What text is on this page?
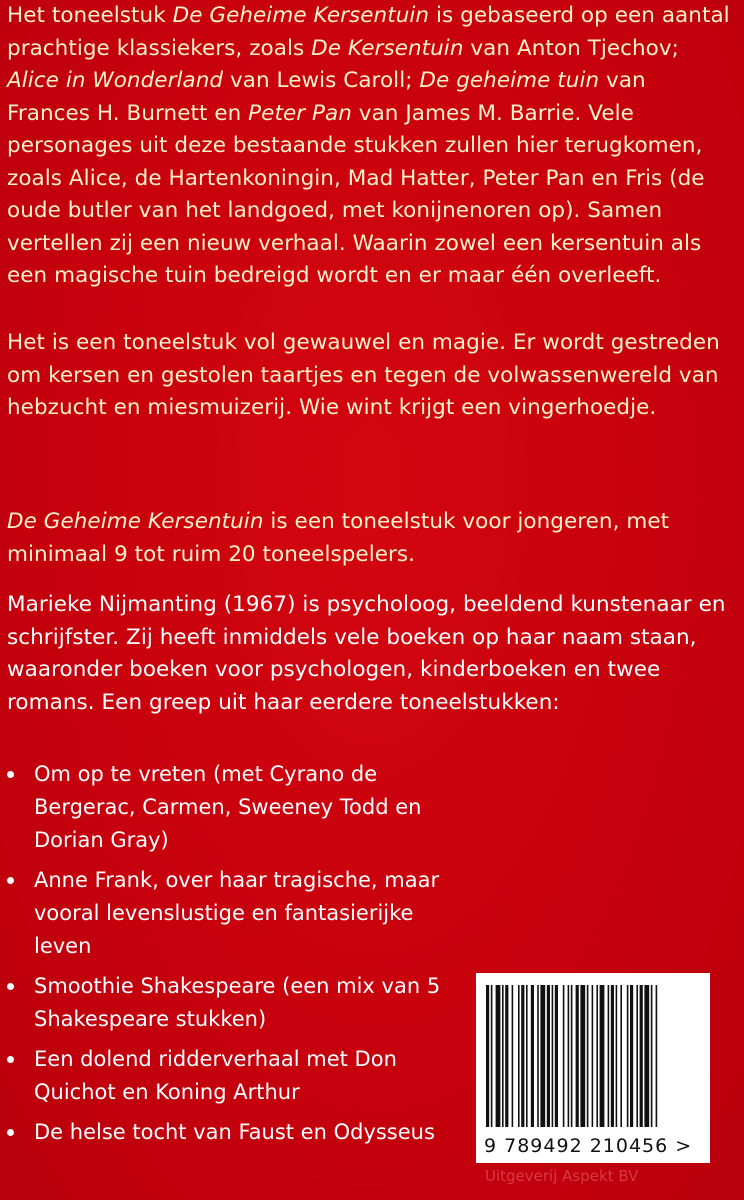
Het toneelstuk De Geheime Kersentuin is gebaseerd op een aantal prachtige klassiekers, zoals De Kersentuin van Anton Tjechov; Alice in Wonderland van Lewis Caroll; De geheime tuin van Frances H. Burnett en Peter Pan van James M. Barrie. Vele personages uit deze bestaande stukken zullen hier terugkomen, zoals Alice, de Hartenkoningin, Mad Hatter, Peter Pan en Fris (de oude butler van het landgoed, met konijnenoren op). Samen vertellen zij een nieuw verhaal. Waarin zowel een kersentuin als een magische tuin bedreigd wordt en er maar één overleeft.

Het is een toneelstuk vol gewauwel en magie. Er wordt gestreden om kersen en gestolen taartjes en tegen de volwassenwereld van hebzucht en miesmuizerij. Wie wint krijgt een vingerhoedje.

De Geheime Kersentuin is een toneelstuk voor jongeren, met minimaal 9 tot ruim 20 toneelspelers.

Marieke Nijmanting (1967) is psycholoog, beeldend kunstenaar en schrijfster. Zij heeft inmiddels vele boeken op haar naam staan, waaronder boeken voor psychologen, kinderboeken en twee romans. Een greep uit haar eerdere toneelstukken:

Om op te vreten (met Cyrano de Bergerac, Carmen, Sweeney Todd en Dorian Gray)
Anne Frank, over haar tragische, maar vooral levenslustige en fantasierijke leven
Smoothie Shakespeare (een mix van 5 Shakespeare stukken)
Een dolend ridderverhaal met Don Quichot en Koning Arthur
De helse tocht van Faust en Odysseus
9 789492 210456 >
Uitgeverij Aspekt BV
